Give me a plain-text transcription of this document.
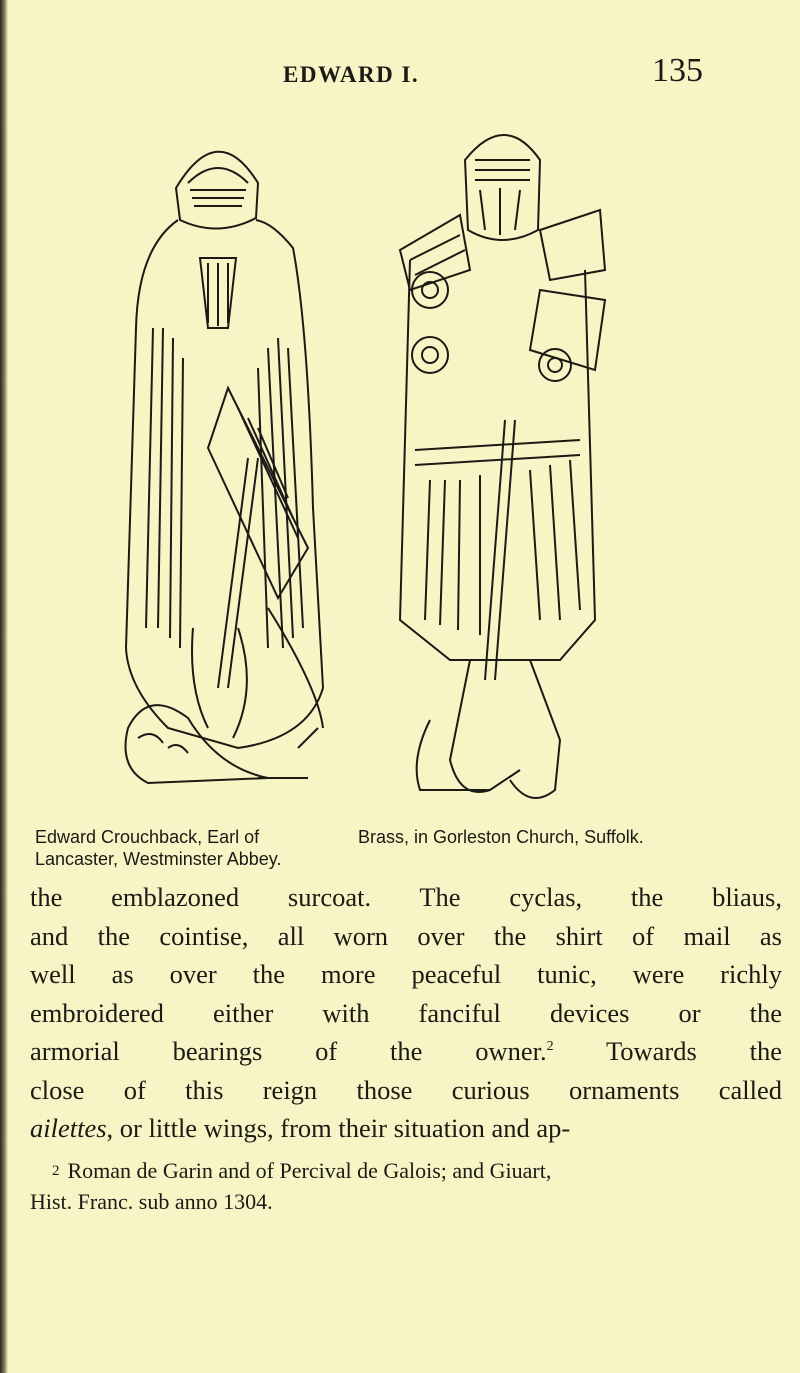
EDWARD I.	135
Edward Crouchback, Earl of
Lancaster, Westminster Abbey.
Brass, in Gorleston Church, Suffolk.
the emblazoned surcoat. The cyclas, the bliaus,
and the cointise, all worn over the shirt of mail as
well as over the more peaceful tunic, were richly
embroidered either with fanciful devices or the
armorial bearings of the owner.$^2$ Towards the
close of this reign those curious ornaments called
ailettes, or little wings, from their situation and ap-
$^2$ Roman de Garin and of Percival de Galois; and Giuart,
Hist. Franc. sub anno 1304.
